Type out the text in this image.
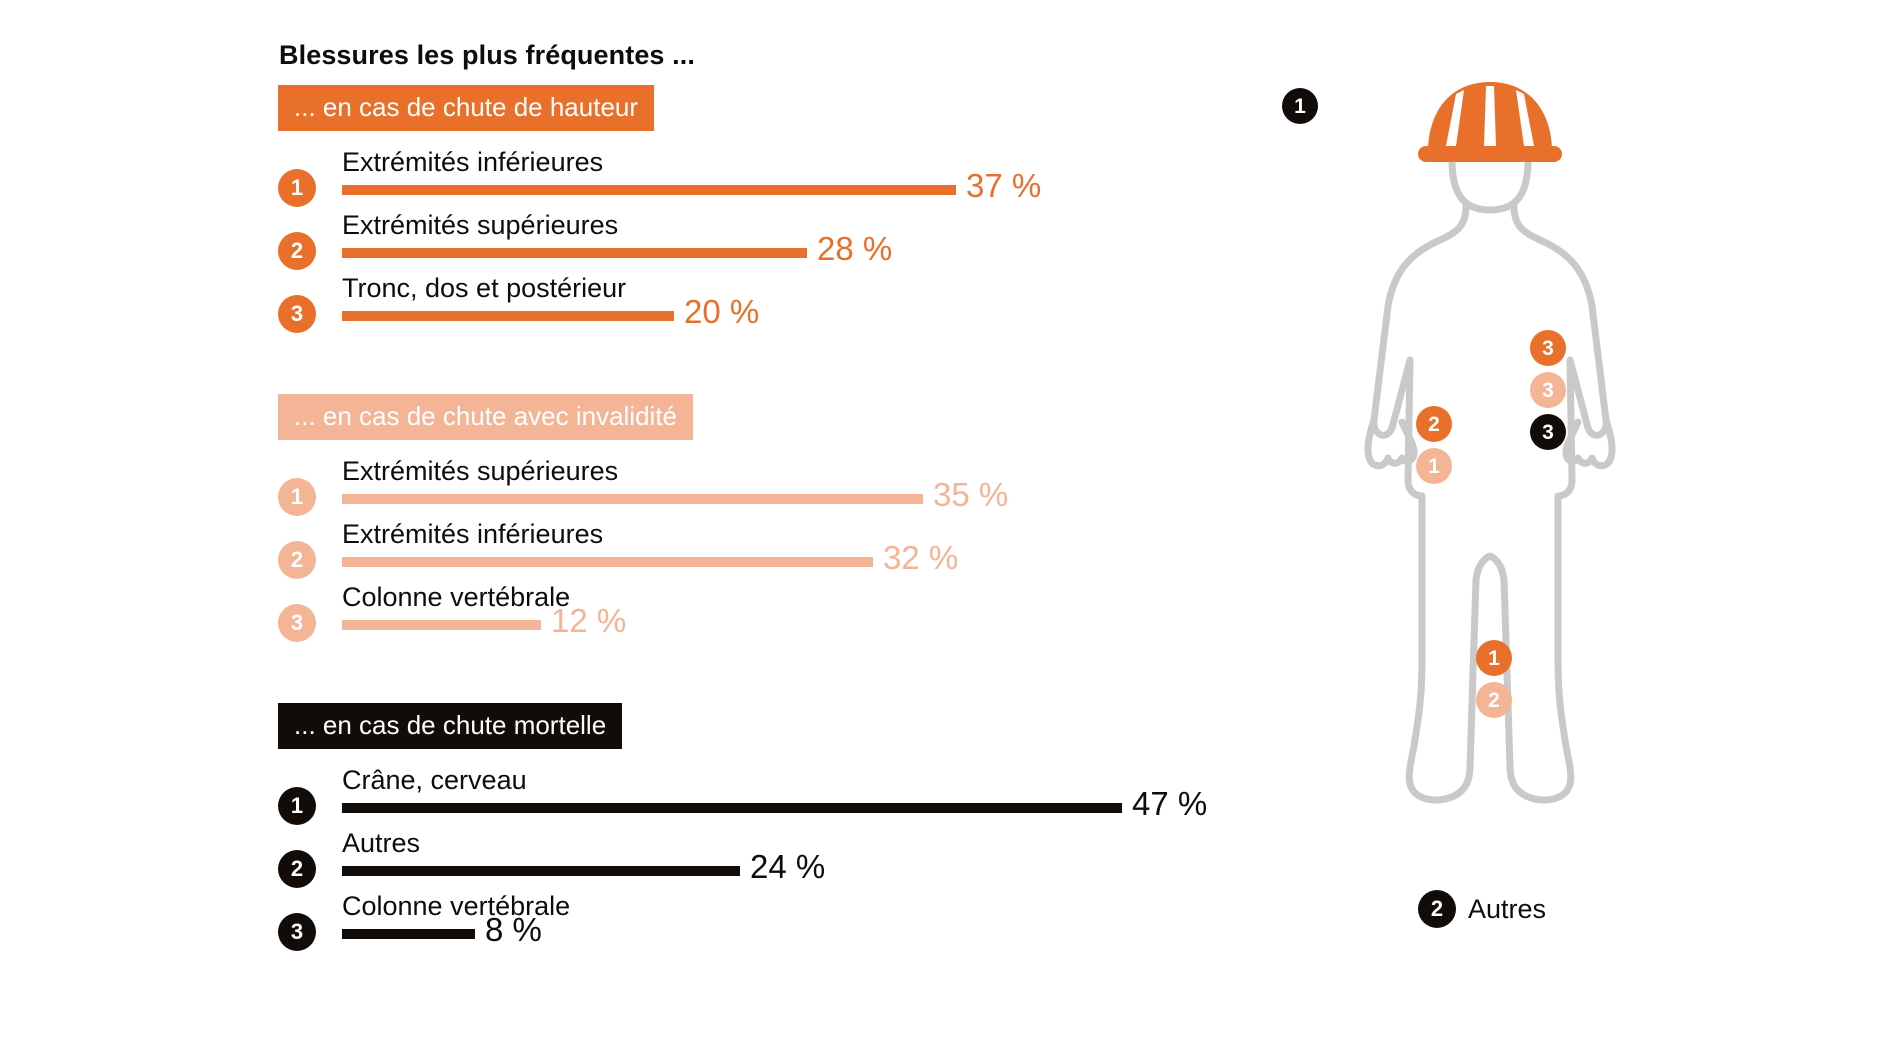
Blessures les plus fréquentes ...
... en cas de chute de hauteur
1
Extrémités inférieures
37 %
2
Extrémités supérieures
28 %
3
Tronc, dos et postérieur
20 %
... en cas de chute avec invalidité
1
Extrémités supérieures
35 %
2
Extrémités inférieures
32 %
3
Colonne vertébrale
12 %
... en cas de chute mortelle
1
Crâne, cerveau
47 %
2
Autres
24 %
3
Colonne vertébrale
8 %
1
3
3
3
2
1
1
2
2 Autres
